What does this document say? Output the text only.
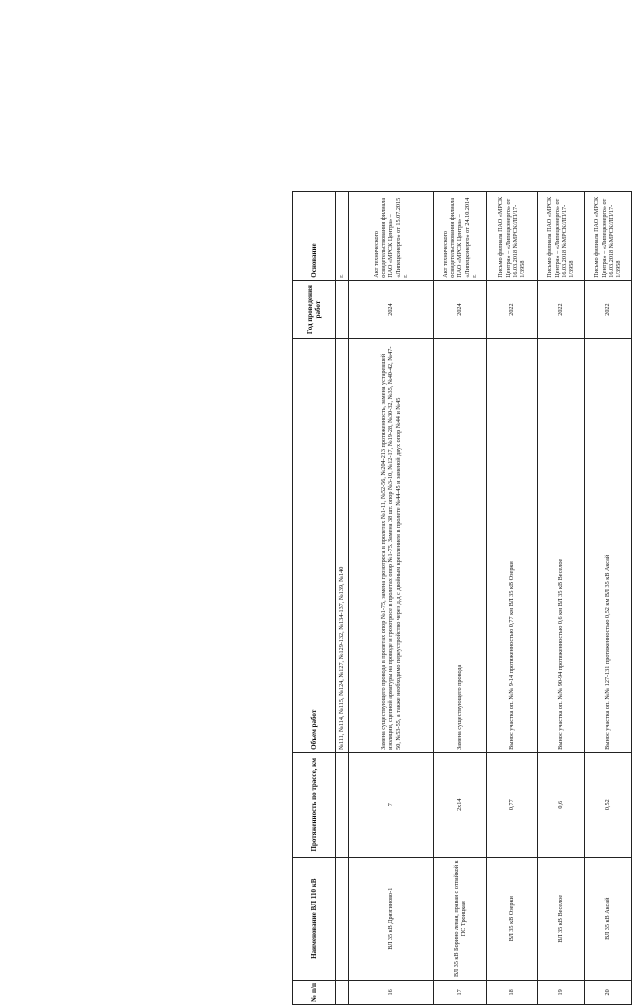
№ п/п	Наименование ВЛ 110 кВ	Протяженность по трассе, км	Объем работ	Год проведения работ	Основание
			№111, №114, №115, №124, №127, №129-132, №134-137, №139, №140		г.
16	ВЛ 35 кВ Дрязгиново-1	7	Замена существующего провода в пролетах опор №1-75, замена грозотроса в пролетах №1-11, №52-56, №204-213 протяженность, замена устаревшей изоляции, сцепной арматуры на проводе и грозотросе в пролетах опор №1-75. Замена 38 шт. опор №3-10, №12-17, №19-28, №30-32, №35, №40-42, №47-50, №53-55, а также необходимо переустройство через д.д с двойным креплением в пролете №44-45 и заменой двух опор №44 и №45	2024	Акт технического освидетельствования филиала ПАО «МРСК Центра» – «Липецкэнерго» от 15.07.2015 г.
17	ВЛ 35 кВ Боринo левая, правая с отпайкой к ПС Троицкая	2x14	Замена существующего провода	2024	Акт технического освидетельствования филиала ПАО «МРСК Центра» – «Липецкэнерго» от 24.10.2014 г.
18	ВЛ 35 кВ Озерки	0,77	Вынос участка оп. №№ 9-14 протяженностью 0,77 км ВЛ 35 кВ Озерки	2022	Письмо филиала ПАО «МРСК Центра» – «Липецкэнерго» от 16.03.2018 №МРСК/ЛП/17-1/3958
19	ВЛ 35 кВ Веселое	0,6	Вынос участка оп. №№ 90-94 протяженностью 0,6 км ВЛ 35 кВ Веселое	2022	Письмо филиала ПАО «МРСК Центра» – «Липецкэнерго» от 16.03.2018 №МРСК/ЛП/17-1/3958
20	ВЛ 35 кВ Аксай	0,52	Вынос участка оп. №№ 127-131 протяженностью 0,52 км ВЛ 35 кВ Аксай	2022	Письмо филиала ПАО «МРСК Центра» – «Липецкэнерго» от 16.03.2018 №МРСК/ЛП/17-1/3958
